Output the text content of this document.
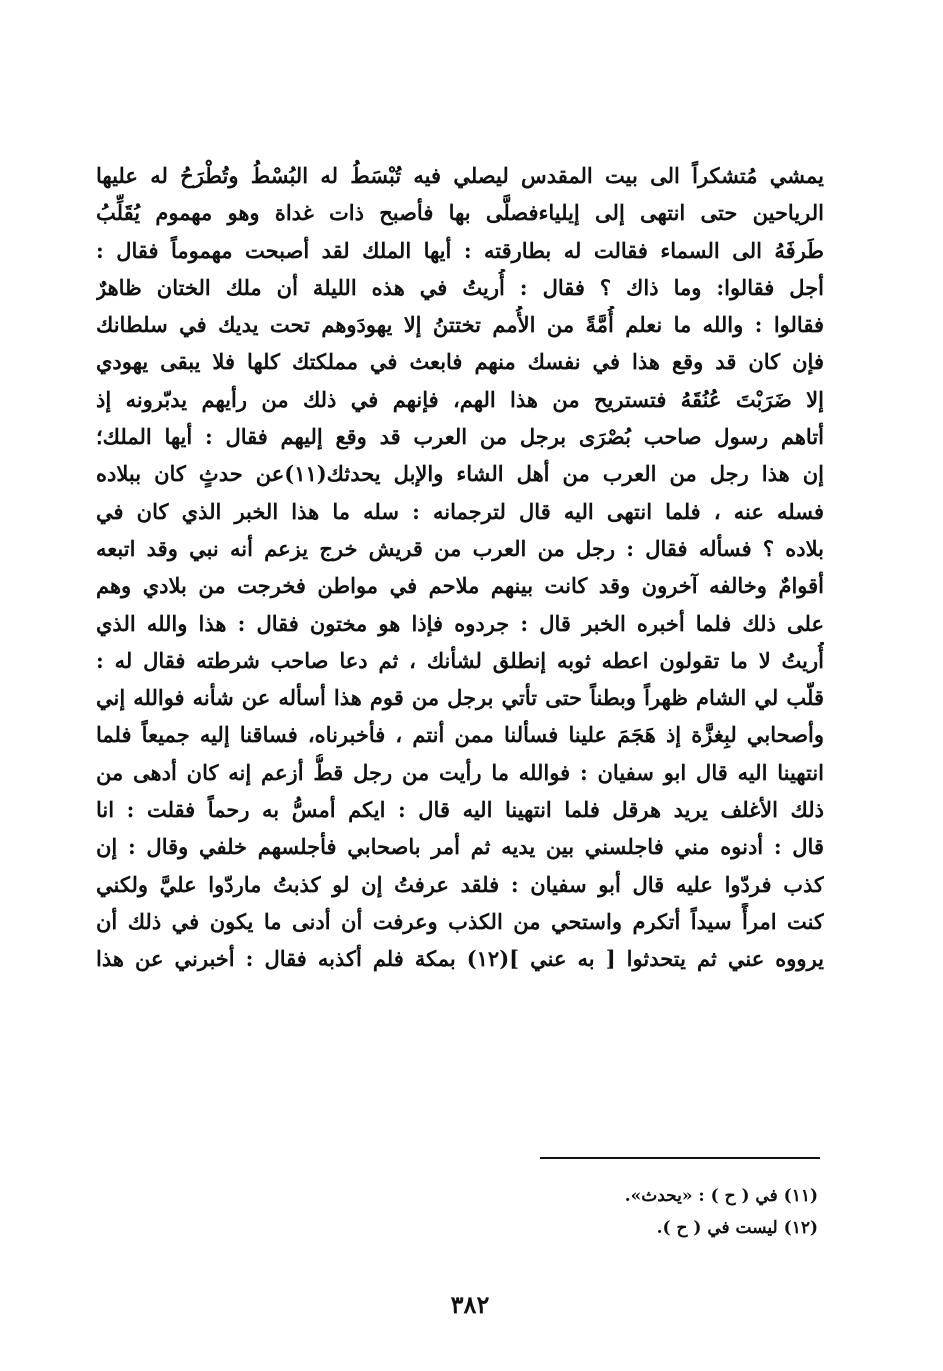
يمشي مُتشكراً الى بيت المقدس ليصلي فيه تُبْسَطُ له البُسْطُ وتُطْرَحُ له عليها
الرياحين حتى انتهى إلى إيلياءفصلَّى بها فأصبح ذات غداة وهو مهموم يُقَلِّبُ
طَرفَهُ الى السماء فقالت له بطارقته : أيها الملك لقد أصبحت مهموماً فقال :
أجل فقالوا: وما ذاك ؟ فقال : أُريتُ في هذه الليلة أن ملك الختان ظاهرٌ
فقالوا : والله ما نعلم أُمَّةً من الأُمم تختتنُ إلا يهودَوهم تحت يديك في سلطانك
فإن كان قد وقع هذا في نفسك منهم فابعث في مملكتك كلها فلا يبقى يهودي
إلا ضَرَبْتَ عُنُقَهُ فتستريح من هذا الهم، فإنهم في ذلك من رأيهم يدبّرونه إذ
أتاهم رسول صاحب بُصْرَى برجل من العرب قد وقع إليهم فقال : أيها الملك؛
إن هذا رجل من العرب من أهل الشاء والإبل يحدثك(١١)عن حدثٍ كان ببلاده
فسله عنه ، فلما انتهى اليه قال لترجمانه : سله ما هذا الخبر الذي كان في
بلاده ؟ فسأله فقال : رجل من العرب من قريش خرج يزعم أنه نبي وقد اتبعه
أقوامٌ وخالفه آخرون وقد كانت بينهم ملاحم في مواطن فخرجت من بلادي وهم
على ذلك فلما أخبره الخبر قال : جردوه فإذا هو مختون فقال : هذا والله الذي
أُريتُ لا ما تقولون اعطه ثوبه إنطلق لشأنك ، ثم دعا صاحب شرطته فقال له :
قلّب لي الشام ظهراً وبطناً حتى تأتي برجل من قوم هذا أسأله عن شأنه فوالله إني
وأصحابي لبِغزَّة إذ هَجَمَ علينا فسألنا ممن أنتم ، فأخبرناه، فساقنا إليه جميعاً فلما
انتهينا اليه قال ابو سفيان : فوالله ما رأيت من رجل قطُّ أزعم إنه كان أدهى من
ذلك الأغلف يريد هرقل فلما انتهينا اليه قال : ايكم أمسُّ به رحماً فقلت : انا
قال : أدنوه مني فاجلسني بين يديه ثم أمر باصحابي فأجلسهم خلفي وقال : إن
كذب فردّوا عليه قال أبو سفيان : فلقد عرفتُ إن لو كذبتُ ماردّوا عليَّ ولكني
كنت امرأً سيداً أتكرم واستحي من الكذب وعرفت أن أدنى ما يكون في ذلك أن
يرووه عني ثم يتحدثوا [ به عني ](١٢) بمكة فلم أكذبه فقال : أخبرني عن هذا
(١١) في ( ح ) : «يحدث».
(١٢) ليست في ( ح ).
٣٨٢
